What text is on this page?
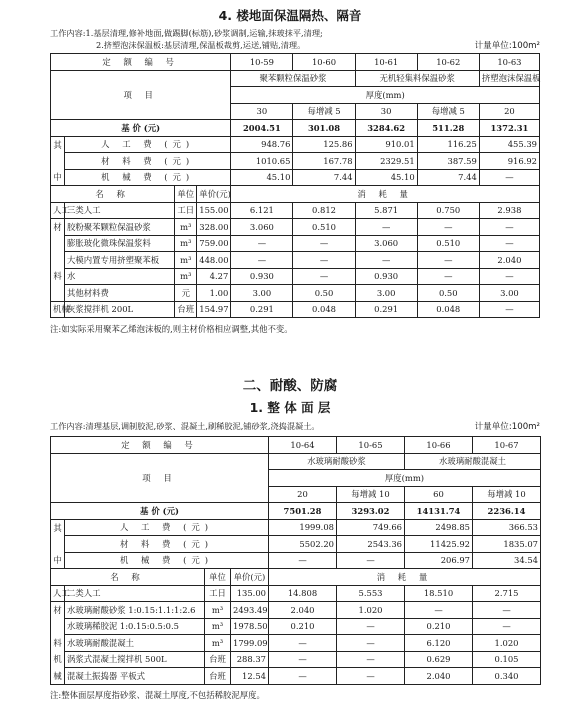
4. 楼地面保温隔热、隔音
工作内容:1.基层清理,修补地面,做踢脚(标筋),砂浆调制,运输,抹玻抹平,清理;
2.挤塑泡沫保温板:基层清理,保温板裁剪,运送,铺贴,清理。	计量单位:100m²
定 额 编 号				10-59	10-60	10-61	10-62	10-63
项 目				聚苯颗粒保温砂浆		无机轻集料保温砂浆		挤塑泡沫保温板
				厚度(mm)				
				30	每增减 5	30	每增减 5	20
基 价 (元)				2004.51	301.08	3284.62	511.28	1372.31
其	人 工 费 (元)			948.76	125.86	910.01	116.25	455.39
	材 料 费 (元)			1010.65	167.78	2329.51	387.59	916.92
中	机 械 费 (元)			45.10	7.44	45.10	7.44	—
名 称		单位	单价(元)	消 耗 量				
人工	三类人工	工日	155.00	6.121	0.812	5.871	0.750	2.938
材	胶粉聚苯颗粒保温砂浆	m³	328.00	3.060	0.510	—	—	—
	膨胀玻化微珠保温浆料	m³	759.00	—	—	3.060	0.510	—
	大模内置专用挤塑聚苯板	m³	448.00	—	—	—	—	2.040
料	水	m³	4.27	0.930	—	0.930	—	—
	其他材料费	元	1.00	3.00	0.50	3.00	0.50	3.00
机械	灰浆搅拌机 200L	台班	154.97	0.291	0.048	0.291	0.048	—
注:如实际采用聚苯乙烯泡沫板的,则主材价格相应调整,其他不变。
二、耐酸、防腐
1. 整 体 面 层
工作内容:清理基层,调制胶泥,砂浆、混凝土,刷稀胶泥,铺砂浆,浇捣混凝土。	计量单位:100m²
定 额 编 号				10-64	10-65	10-66	10-67
项 目				水玻璃耐酸砂浆		水玻璃耐酸混凝土	
				厚度(mm)			
				20	每增减 10	60	每增减 10
基 价 (元)				7501.28	3293.02	14131.74	2236.14
其	人 工 费 (元)			1999.08	749.66	2498.85	366.53
	材 料 费 (元)			5502.20	2543.36	11425.92	1835.07
中	机 械 费 (元)			—	—	206.97	34.54
名 称		单位	单价(元)	消 耗 量			
人工	二类人工	工日	135.00	14.808	5.553	18.510	2.715
材	水玻璃耐酸砂浆 1:0.15:1.1:1:2.6	m³	2493.49	2.040	1.020	—	—
	水玻璃稀胶泥 1:0.15:0.5:0.5	m³	1978.50	0.210	—	0.210	—
料	水玻璃耐酸混凝土	m³	1799.09	—	—	6.120	1.020
机	涡浆式混凝土搅拌机 500L	台班	288.37	—	—	0.629	0.105
械	混凝土振捣器 平板式	台班	12.54	—	—	2.040	0.340
注:整体面层厚度指砂浆、混凝土厚度,不包括稀胶泥厚度。
